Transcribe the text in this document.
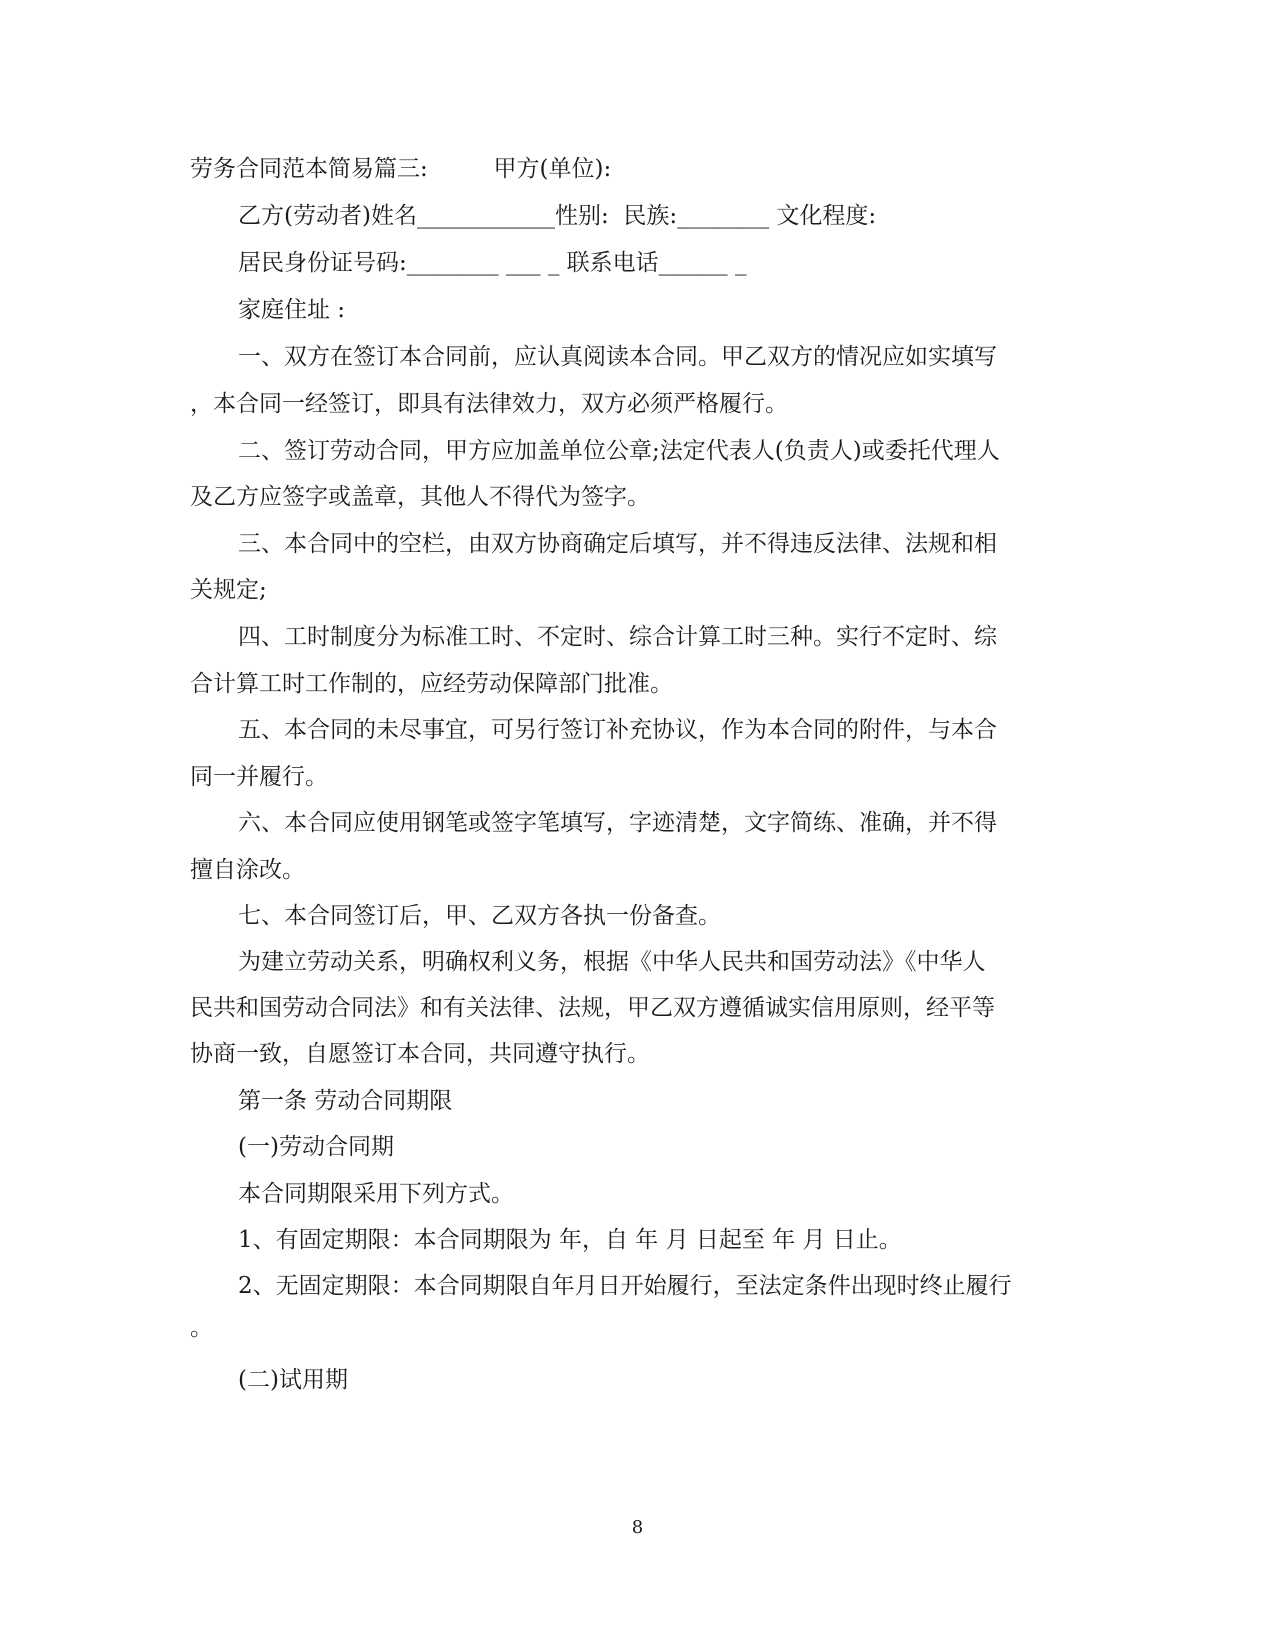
劳务合同范本简易篇三:         甲方(单位):
乙方(劳动者)姓名____________性别:  民族:________ 文化程度:
居民身份证号码:________ ___ _ 联系电话______ _
家庭住址 :
一、双方在签订本合同前，应认真阅读本合同。甲乙双方的情况应如实填写
，本合同一经签订，即具有法律效力，双方必须严格履行。
二、签订劳动合同，甲方应加盖单位公章;法定代表人(负责人)或委托代理人
及乙方应签字或盖章，其他人不得代为签字。
三、本合同中的空栏，由双方协商确定后填写，并不得违反法律、法规和相
关规定;
四、工时制度分为标准工时、不定时、综合计算工时三种。实行不定时、综
合计算工时工作制的，应经劳动保障部门批准。
五、本合同的未尽事宜，可另行签订补充协议，作为本合同的附件，与本合
同一并履行。
六、本合同应使用钢笔或签字笔填写，字迹清楚，文字简练、准确，并不得
擅自涂改。
七、本合同签订后，甲、乙双方各执一份备查。
为建立劳动关系，明确权利义务，根据《中华人民共和国劳动法》《中华人
民共和国劳动合同法》和有关法律、法规，甲乙双方遵循诚实信用原则，经平等
协商一致，自愿签订本合同，共同遵守执行。
第一条 劳动合同期限
(一)劳动合同期
本合同期限采用下列方式。
1、有固定期限：本合同期限为 年，自 年 月 日起至 年 月 日止。
2、无固定期限：本合同期限自年月日开始履行，至法定条件出现时终止履行
。
(二)试用期
8
